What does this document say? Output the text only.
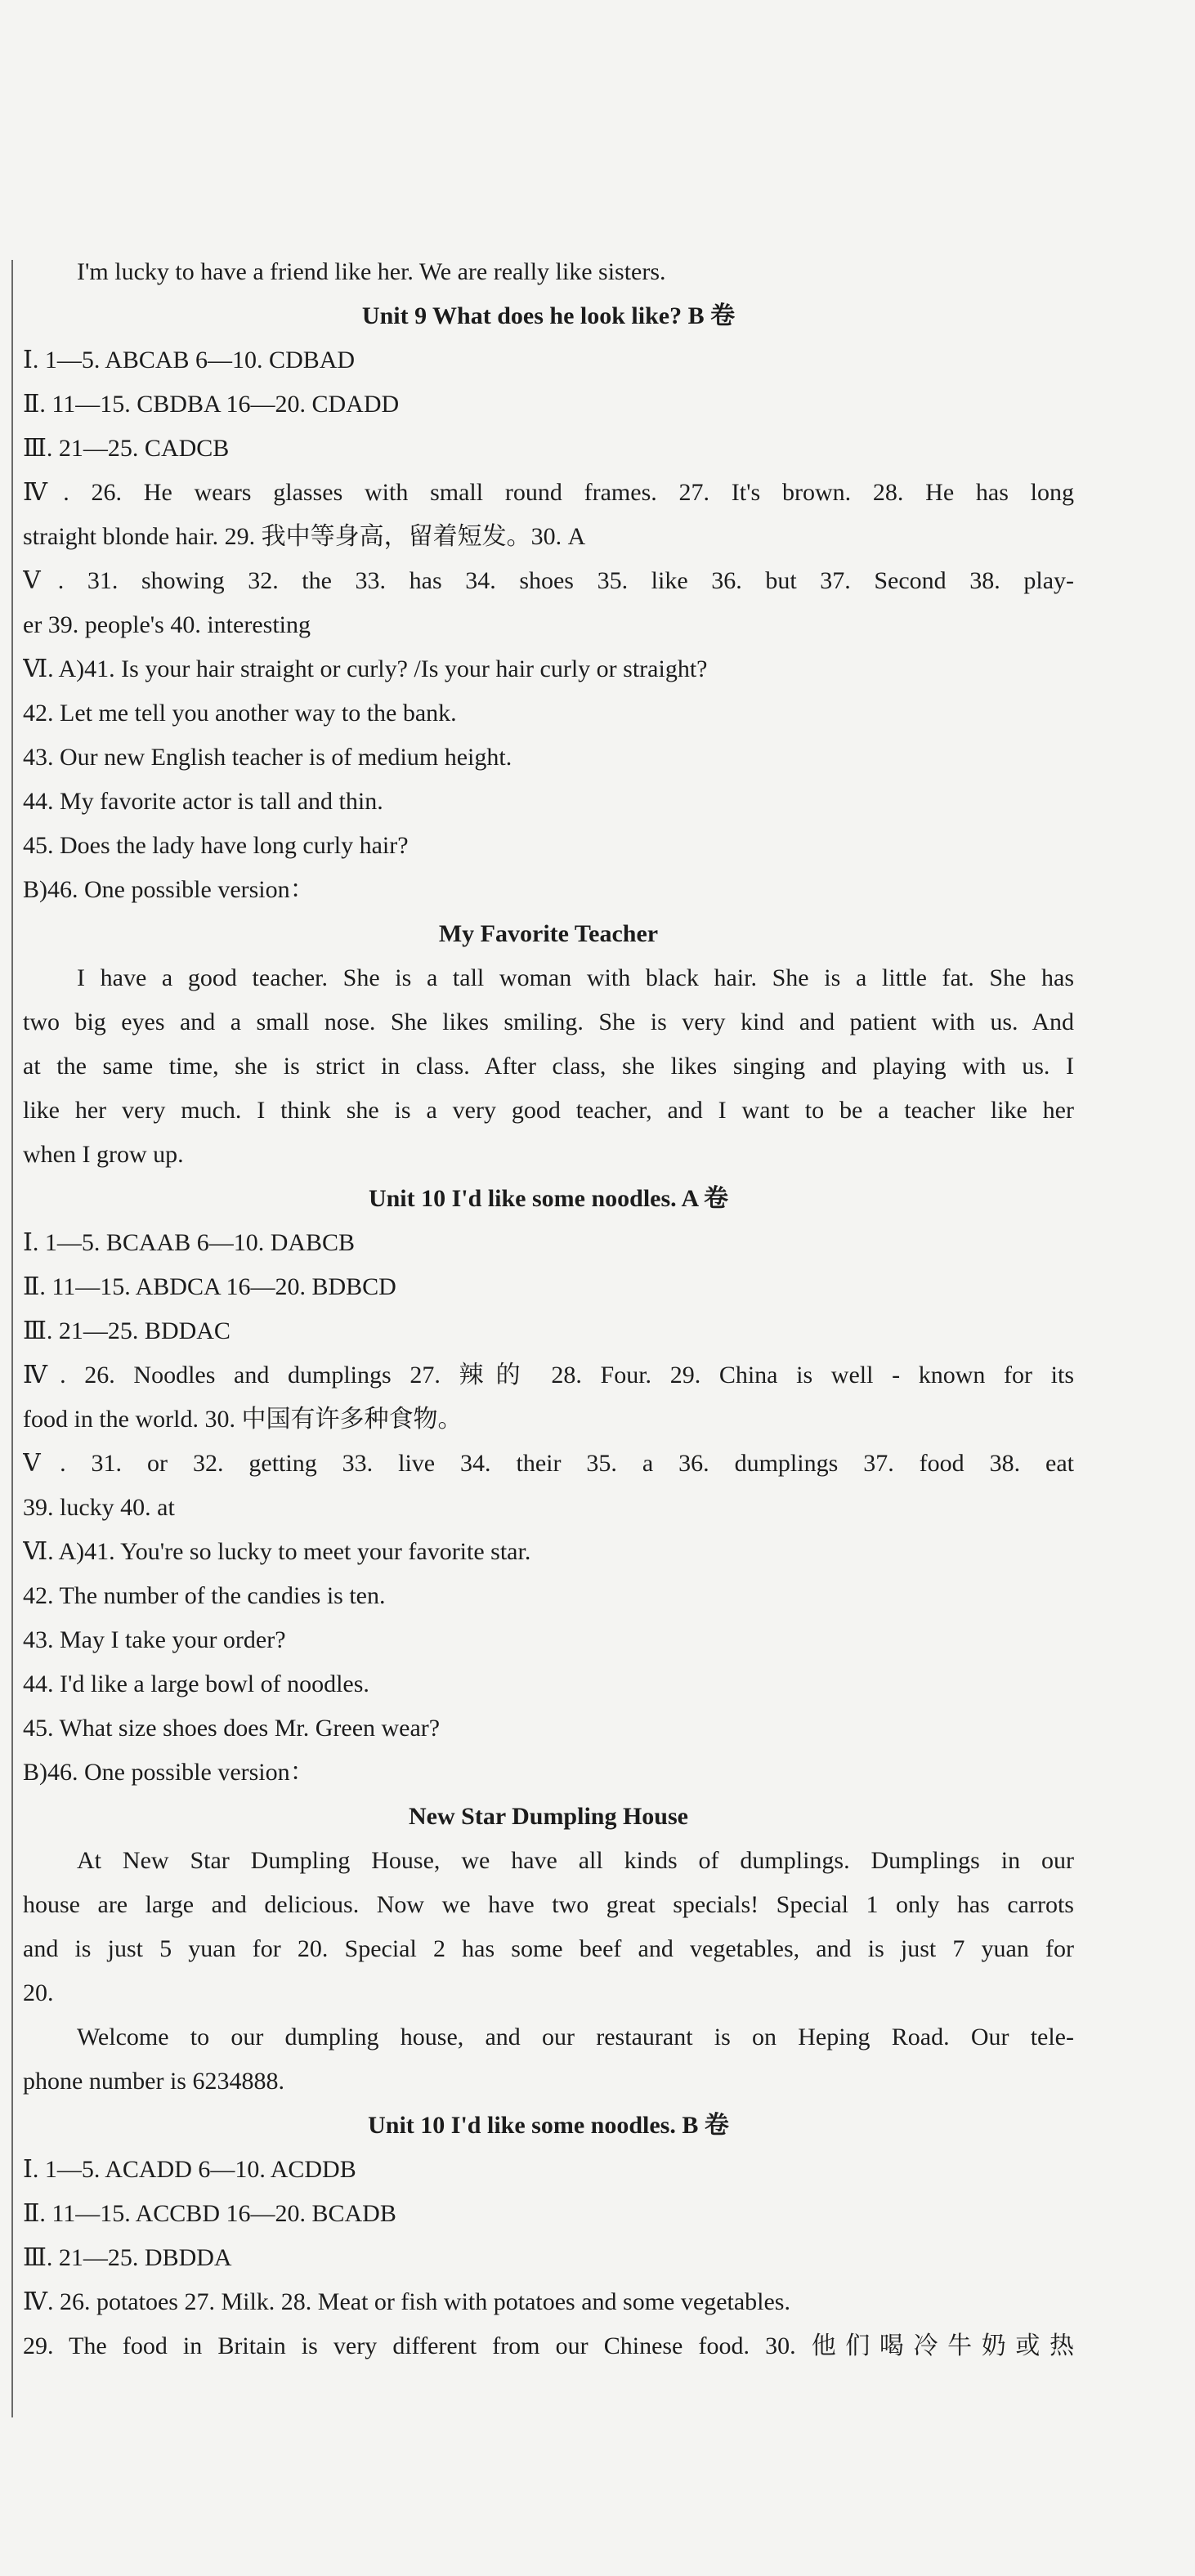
I'm lucky to have a friend like her. We are really like sisters.
Unit 9 What does he look like? B 卷
Ⅰ. 1—5. ABCAB 6—10. CDBAD
Ⅱ. 11—15. CBDBA 16—20. CDADD
Ⅲ. 21—25. CADCB
Ⅳ. 26. He wears glasses with small round frames. 27. It's brown. 28. He has long
straight blonde hair. 29. 我中等身高，留着短发。30. A
Ⅴ. 31. showing 32. the 33. has 34. shoes 35. like 36. but 37. Second 38. play-
er 39. people's 40. interesting
Ⅵ. A)41. Is your hair straight or curly? /Is your hair curly or straight?
42. Let me tell you another way to the bank.
43. Our new English teacher is of medium height.
44. My favorite actor is tall and thin.
45. Does the lady have long curly hair?
B)46. One possible version：
My Favorite Teacher
I have a good teacher. She is a tall woman with black hair. She is a little fat. She has
two big eyes and a small nose. She likes smiling. She is very kind and patient with us. And
at the same time, she is strict in class. After class, she likes singing and playing with us. I
like her very much. I think she is a very good teacher, and I want to be a teacher like her
when I grow up.
Unit 10 I'd like some noodles. A 卷
Ⅰ. 1—5. BCAAB 6—10. DABCB
Ⅱ. 11—15. ABDCA 16—20. BDBCD
Ⅲ. 21—25. BDDAC
Ⅳ. 26. Noodles and dumplings 27. 辣的 28. Four. 29. China is well - known for its
food in the world. 30. 中国有许多种食物。
Ⅴ. 31. or 32. getting 33. live 34. their 35. a 36. dumplings 37. food 38. eat
39. lucky 40. at
Ⅵ. A)41. You're so lucky to meet your favorite star.
42. The number of the candies is ten.
43. May I take your order?
44. I'd like a large bowl of noodles.
45. What size shoes does Mr. Green wear?
B)46. One possible version：
New Star Dumpling House
At New Star Dumpling House, we have all kinds of dumplings. Dumplings in our
house are large and delicious. Now we have two great specials! Special 1 only has carrots
and is just 5 yuan for 20. Special 2 has some beef and vegetables, and is just 7 yuan for
20.
Welcome to our dumpling house, and our restaurant is on Heping Road. Our tele-
phone number is 6234888.
Unit 10 I'd like some noodles. B 卷
Ⅰ. 1—5. ACADD 6—10. ACDDB
Ⅱ. 11—15. ACCBD 16—20. BCADB
Ⅲ. 21—25. DBDDA
Ⅳ. 26. potatoes 27. Milk. 28. Meat or fish with potatoes and some vegetables.
29. The food in Britain is very different from our Chinese food. 30. 他们喝冷牛奶或热
